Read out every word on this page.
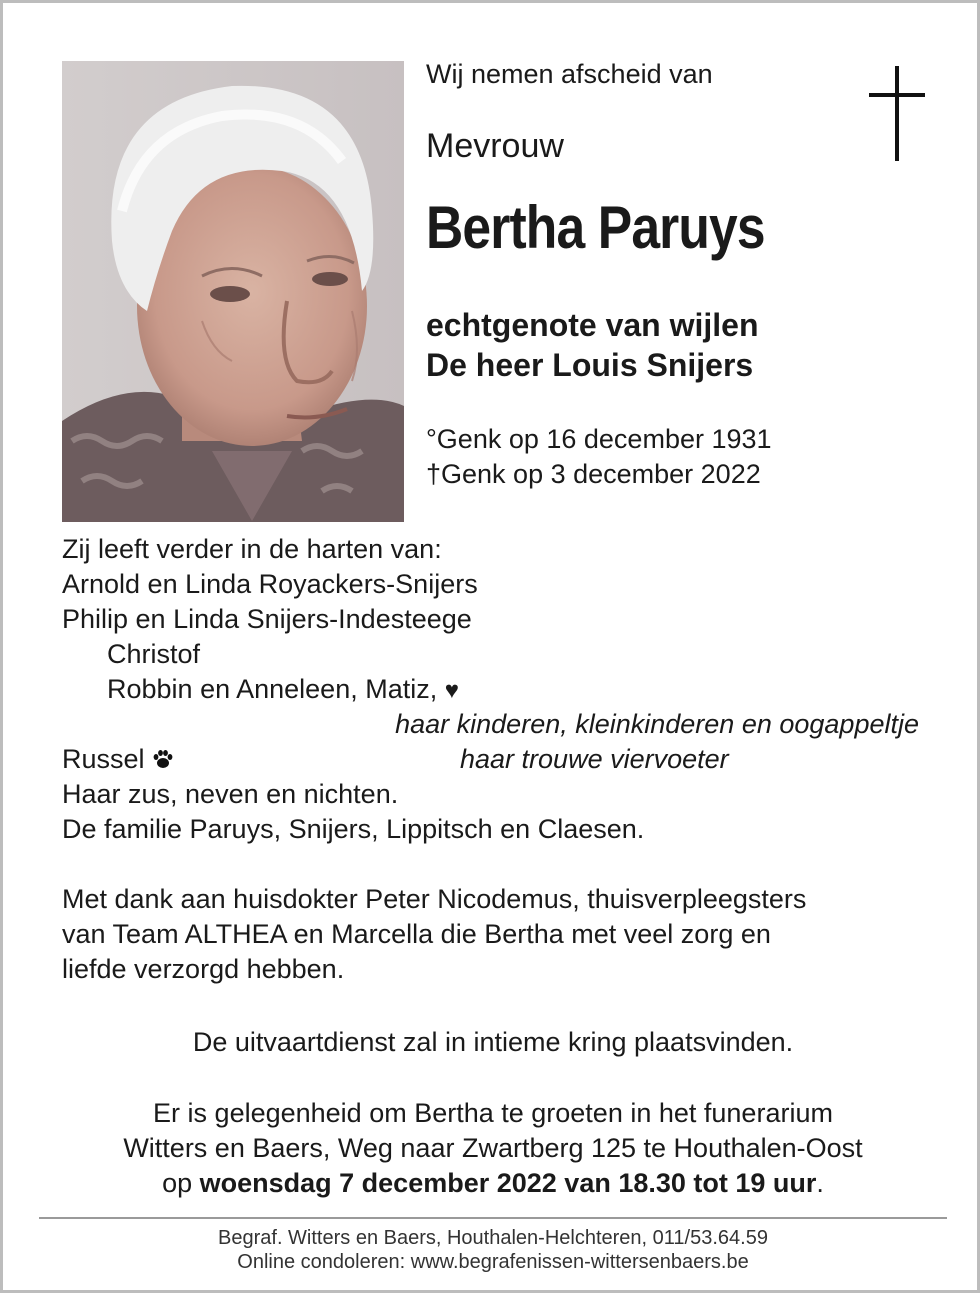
Wij nemen afscheid van
Mevrouw
Bertha Paruys
echtgenote van wijlen
De heer Louis Snijers
°Genk op 16 december 1931
†Genk op 3 december 2022
Zij leeft verder in de harten van:
Arnold en Linda Royackers-Snijers
Philip en Linda Snijers-Indesteege
Christof
Robbin en Anneleen, Matiz, ♥
haar kinderen, kleinkinderen en oogappeltje
Russel	haar trouwe viervoeter
Haar zus, neven en nichten.
De familie Paruys, Snijers, Lippitsch en Claesen.
Met dank aan huisdokter Peter Nicodemus, thuisverpleegsters
van Team ALTHEA en Marcella die Bertha met veel zorg en
liefde verzorgd hebben.
De uitvaartdienst zal in intieme kring plaatsvinden.
Er is gelegenheid om Bertha te groeten in het funerarium
Witters en Baers, Weg naar Zwartberg 125 te Houthalen-Oost
op woensdag 7 december 2022 van 18.30 tot 19 uur.
Begraf. Witters en Baers, Houthalen-Helchteren, 011/53.64.59
Online condoleren: www.begrafenissen-wittersenbaers.be
